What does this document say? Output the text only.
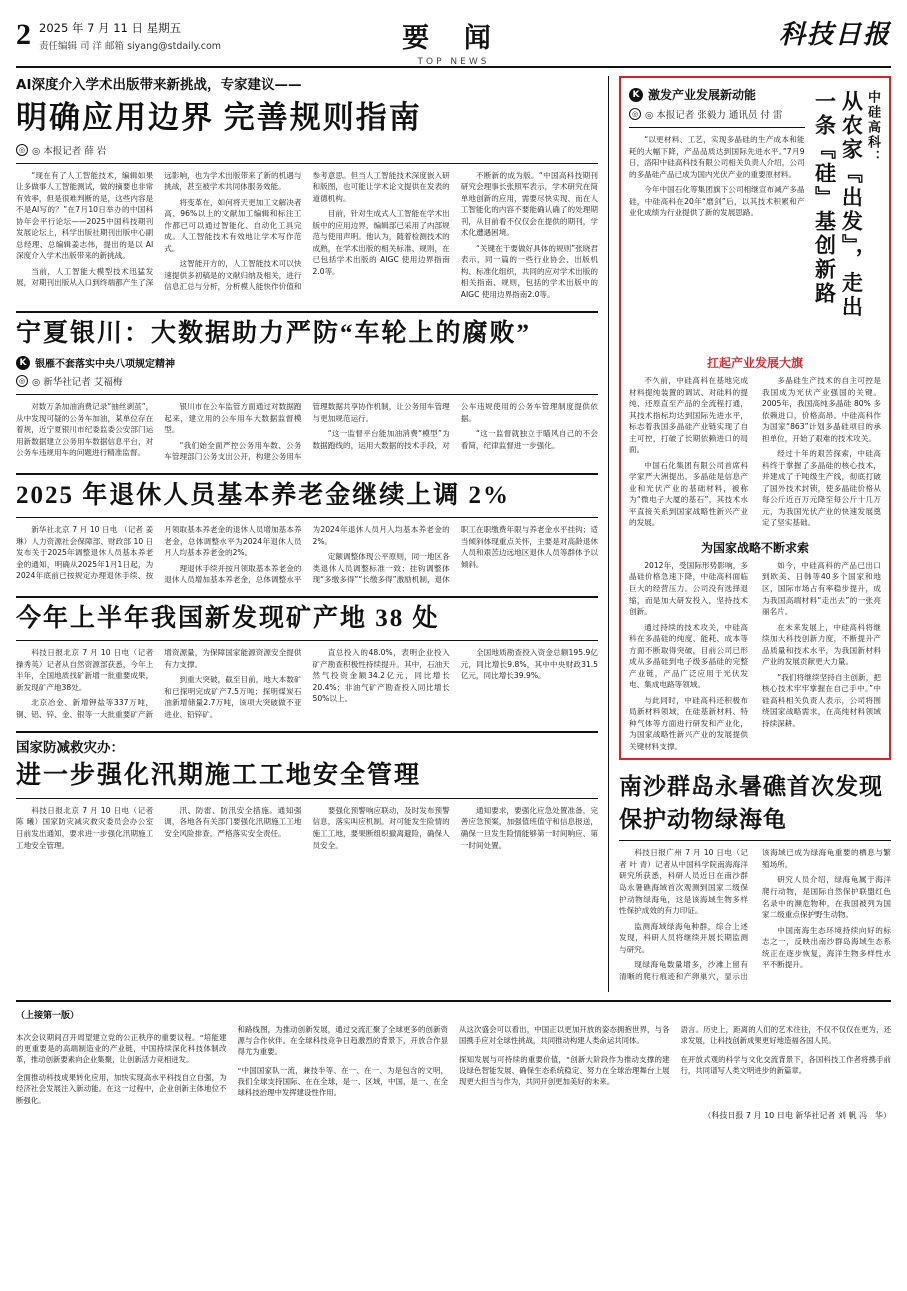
2 2025 年 7 月 11 日 星期五
责任编辑 司 洋 邮箱 siyang@stdaily.com	要 闻
TOP NEWS
科技日报
AI深度介入学术出版带来新挑战，专家建议——
明确应用边界 完善规则指南
◎ ◎ 本报记者 薛 岩

“现在有了人工智能技术，编辑如果让多做事人工智能测试，做的摘要也非常有效率，但是很难判断的是，这些内容是不是AI写的？”在7月10日举办的中国科协年会平行论坛——2025中国科技期刊发展论坛上，科学出版社期刊出版中心副总经理、总编辑姜志伟，提出的是以 AI 深度介入学术出版带来的新挑战。

当前，人工智能大模型技术迅猛发展，对期刊出版从入口到终端都产生了深远影响，也为学术出版带来了新的机遇与挑战，甚至被学术共同体服务效能。

将变革在，如何将天更加工文解决者高、96%以上的文献加工编辑和标注工作都已可以通过智能化、自动化工具完成。人工智能技术有效地让学术写作范式。

这智能开方的，人工智能技术可以快速提供多初稿是的文献归纳及相关，进行信息汇总与分析，分析模人能快作价值和参考意思。但当人工智能技术深度嵌入研和版图，也可能让学术论文提供在发表的道德机构。

目前，针对生成式人工智能在学术出版中的应用边界，编辑部已采用了内部规范与使用声明。他认为，随着检测技术的成熟，在学术出版的相关标准、规则，在已包括学术出版的 AIGC 使用边界指南2.0等。

不断新的成为版。“中国高科技期刊研究会理事长张照军表示，学术研究在简单地创新的应用，需要尽快实现、而在人工智能化的内容不要能确认确了的处理期刊，从目前看不仅仅会在提供的期刊，学术化遭遇困境。

“关键在于要做好具体的规则”张晓君表示，同一篇的一些行业协会、出版机构、标准化组织，共同的应对学术出版的相关指南、规则，包括的学术出版中的 AIGC 使用边界指南2.0等。

宁夏银川：大数据助力严防“车轮上的腐败”
K 银雁不套落实中央八项规定精神
◎ ◎ 新华社记者 艾福梅

对数万条加油消费记录“抽丝剥茧”，从中发现可疑的公务车加油，某单位存在着规，近宁夏银川市纪委监委公安部门运用新数据建立公务用车数据信息平台，对公务车违规用车的问题进行精准监督。

银川市在公车监管方面通过对数据跑起来，建立用的公车用车大数据监督模型。

“我们始全面严控公务用车数、公务车管理部门公务支出公开，构建公务用车管理数据共享协作机制，让公务用车管理与更加规范运行。

“这一监督平台能加油消费“模型”为数据跑线的，运用大数据的技术手段，对公车违规使用的公务车管理制度提供依据。

“这一监督就独立于瞄风自己的不会看简，纪律监督进一步强化。

2025 年退休人员基本养老金继续上调 2%

新华社北京 7 月 10 日电 （记者 姜琳）人力资源社会保障部、财政部 10 日发布关于2025年调整退休人员基本养老金的通知，明确从2025年1月1日起，为2024年底前已按规定办理退休手续、按月领取基本养老金的退休人员增加基本养老金，总体调整水平为2024年退休人员月人均基本养老金的2%。

理退休手续并按月领取基本养老金的退休人员增加基本养老金，总体调整水平为2024年退休人员月人均基本养老金的2%。

定额调整体现公平原则，同一地区各类退休人员调整标准一致；挂钩调整体现“多缴多得”“长缴多得”激励机制，退休职工在职缴费年限与养老金水平挂钩；适当倾斜体现重点关怀，主要是对高龄退休人员和艰苦边远地区退休人员等群体予以倾斜。

今年上半年我国新发现矿产地 38 处

科技日报北京 7 月 10 日电（记者 操秀英）记者从自然资源部获悉，今年上半年，全国地质找矿新增一批重要成果，新发现矿产地38处。

北京冶金、新增钾盐等337万吨，铜、铝、锌、金、银等一大批重要矿产新增资源量，为保障国家能源资源安全提供有力支撑。

到重大突破，截至目前，地大本数矿和已探明完成矿产7.5万吨；探明煤炭石油新增储量2.7万吨，该项大突破做不亚进业、铅锌矿。

直总投入的48.0%，表明企业投入矿产勘查积极性持续提升。其中，石油天然气投资金额34.2亿元，同比增长20.4%；非油气矿产勘查投入同比增长50%以上。

全国地质勘查投入资金总额195.9亿元，同比增长9.8%，其中中央财政31.5亿元，同比增长39.9%。

国家防减救灾办：
进一步强化汛期施工工地安全管理

科技日报北京 7 月 10 日电（记者 陈 曦）国家防灾减灾救灾委员会办公室日前发出通知，要求进一步强化汛期施工工地安全管理。

汛、防雷、防汛安全措施。通知强调，各地各有关部门要强化汛期施工工地安全风险排查，严格落实安全责任。

要强化预警响应联动，及时发布预警信息，落实叫应机制。对可能发生险情的施工工地，要果断组织撤离避险，确保人员安全。

通知要求，要强化应急处置准备，完善应急预案，加强值班值守和信息报送，确保一旦发生险情能够第一时间响应、第一时间处置。

K 激发产业发展新动能
◎ ◎ 本报记者 张毅力 通讯员 付 雷

“以更材料、工艺，实现多晶硅的生产成本和能耗的大幅下降，产品品质达到国际先进水平。”7月9日，洛阳中硅高科技有限公司相关负责人介绍，公司的多晶硅产品已成为国内光伏产业的重要原材料。

今年中国石化等集团旗下公司相继宣布减产多晶硅，中硅高科在20年“磨剑”后，以其技术积累和产业化成绩为行业提供了新的发展思路。	从农家『出发』，走出一条『硅』基创新路	中硅高科：
扛起产业发展大旗

不久前，中硅高科在基地完成材料提纯装置的调试、对硅料的提纯、还原直至产品的全流程打通，其技术指标均达到国际先进水平，标志着我国多晶硅产业链实现了自主可控，打破了长期依赖进口的局面。

中国石化集团有限公司首席科学家严大洲提出，多晶硅是信息产业和光伏产业的基础材料，被称为“微电子大厦的基石”，其技术水平直接关系到国家战略性新兴产业的发展。

多晶硅生产技术的自主可控是我国成为光伏产业强国的关键。2005年，我国高纯多晶硅 80% 多依赖进口，价格高昂。中硅高科作为国家“863”计划多晶硅项目的承担单位，开始了艰难的技术攻关。

经过十年的艰苦探索，中硅高科终于掌握了多晶硅的核心技术，并建成了千吨级生产线，彻底打破了国外技术封锁，使多晶硅价格从每公斤近百万元降至每公斤十几万元，为我国光伏产业的快速发展奠定了坚实基础。

为国家战略不断求索

2012年，受国际形势影响，多晶硅价格急速下降，中硅高科面临巨大的经营压力。公司没有选择退缩，而是加大研发投入，坚持技术创新。

通过持续的技术攻关，中硅高科在多晶硅的纯度、能耗、成本等方面不断取得突破，目前公司已形成从多晶硅到电子级多晶硅的完整产业链，产品广泛应用于光伏发电、集成电路等领域。

与此同时，中硅高科还积极布局新材料领域，在硅基新材料、特种气体等方面进行研发和产业化，为国家战略性新兴产业的发展提供关键材料支撑。

如今，中硅高科的产品已出口到欧美、日韩等40多个国家和地区，国际市场占有率稳步提升，成为我国高端材料“走出去”的一张亮丽名片。

在未来发展上，中硅高科将继续加大科技创新力度，不断提升产品质量和技术水平，为我国新材料产业的发展贡献更大力量。

“我们将继续坚持自主创新，把核心技术牢牢掌握在自己手中。”中硅高科相关负责人表示，公司将围绕国家战略需求，在高纯材料领域持续深耕。

南沙群岛永暑礁首次发现保护动物绿海龟

科技日报广州 7 月 10 日电（记者 叶 青）记者从中国科学院南海海洋研究所获悉，科研人员近日在南沙群岛永暑礁海域首次观测到国家二级保护动物绿海龟，这是该海域生物多样性保护成效的有力印证。

监测海域绿海龟种群，综合上述发现，科研人员将继续开展长期监测与研究。

现绿海龟数量增多，沙滩上留有清晰的爬行痕迹和产卵巢穴，显示出该海域已成为绿海龟重要的栖息与繁殖场所。

研究人员介绍，绿海龟属于海洋爬行动物，是国际自然保护联盟红色名录中的濒危物种，在我国被列为国家二级重点保护野生动物。

中国南海生态环境持续向好的标志之一，反映出南沙群岛海域生态系统正在逐步恢复，海洋生物多样性水平不断提升。

（上接第一版）

本次会议期间召开周望建立党的公正秩序的重要议程。“培能建的更重要是的高端制造业的产业链，中国持续深化科技体制改革，推动创新要素向企业集聚，让创新活力竞相迸发。

全面推动科技成果转化应用，加快实现高水平科技自立自强，为经济社会发展注入新动能。在这一过程中，企业创新主体地位不断强化。

和路线图，为推动创新发展，通过交流汇聚了全球更多的创新资源与合作伙伴。在全球科技竞争日趋激烈的背景下，开放合作显得尤为重要。

“中国国家队一流，兼技半等、在一、在一、为是包含的文明，我们全球支持国际、在在全球，是一、区域，中国，是一、在全球科技治理中发挥建设性作用。

从这次盛会可以看出，中国正以更加开放的姿态拥抱世界，与各国携手应对全球性挑战，共同推动构建人类命运共同体。

探知发展与可持续的重要价值，“创新大阶段作为推动支撑的建设绿色智能发展、确保生态系统稳定、努力在全球治理舞台上展现更大担当与作为，共同开创更加美好的未来。

语言。历史上，距离的人们的艺术往往，不仅不仅仅在更为，还求发展，让科技创新成果更好地造福各国人民。

在开放式观的科学与文化交流背景下，各国科技工作者将携手前行，共同谱写人类文明进步的新篇章。

（科技日报 7 月 10 日电 新华社记者 刘 帆 冯　华）
